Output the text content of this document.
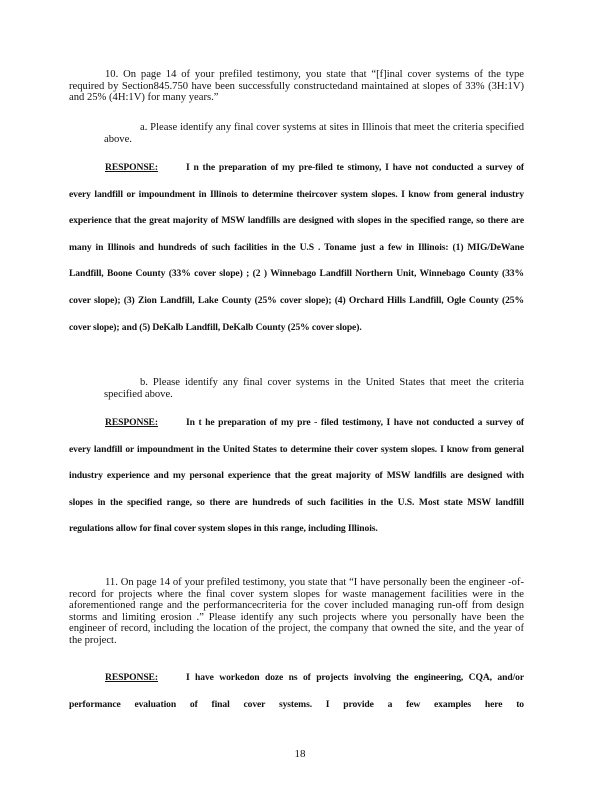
10. On page 14 of your prefiled testimony, you state that “[f]inal cover systems of the type required by Section845.750 have been successfully constructedand maintained at slopes of 33% (3H:1V) and 25% (4H:1V) for many years.”

a. Please identify any final cover systems at sites in Illinois that meet the criteria specified above.

RESPONSE:	I n the preparation of my pre-filed te stimony, I have not conducted a survey of every landfill or impoundment in Illinois to determine theircover system slopes. I know from general industry experience that the great majority of MSW landfills are designed with slopes in the specified range, so there are many in Illinois and hundreds of such facilities in the U.S . Toname just a few in Illinois: (1) MIG/DeWane Landfill, Boone County (33% cover slope) ; (2 ) Winnebago Landfill Northern Unit, Winnebago County (33% cover slope); (3) Zion Landfill, Lake County (25% cover slope); (4) Orchard Hills Landfill, Ogle County (25% cover slope); and (5) DeKalb Landfill, DeKalb County (25% cover slope).

b. Please identify any final cover systems in the United States that meet the criteria specified above.

RESPONSE:	In t he preparation of my pre - filed testimony, I have not conducted a survey of every landfill or impoundment in the United States to determine their cover system slopes. I know from general industry experience and my personal experience that the great majority of MSW landfills are designed with slopes in the specified range, so there are hundreds of such facilities in the U.S. Most state MSW landfill regulations allow for final cover system slopes in this range, including Illinois.

11. On page 14 of your prefiled testimony, you state that “I have personally been the engineer -of- record for projects where the final cover system slopes for waste management facilities were in the aforementioned range and the performancecriteria for the cover included managing run-off from design storms and limiting erosion .” Please identify any such projects where you personally have been the engineer of record, including the location of the project, the company that owned the site, and the year of the project.

RESPONSE:	I have workedon doze ns of projects involving the engineering, CQA, and/or performance evaluation of final cover systems. I provide a few examples here to

18
